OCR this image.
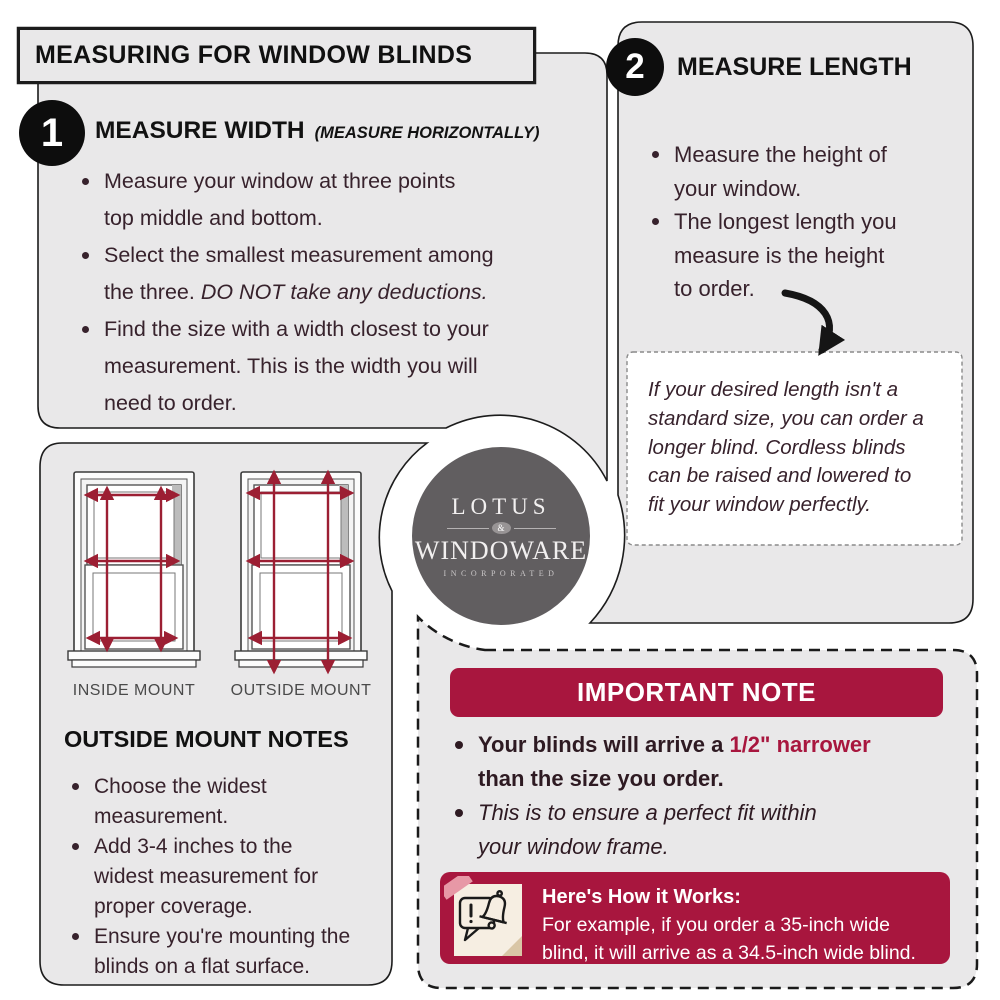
MEASURING FOR WINDOW BLINDS
1	MEASURE WIDTH (MEASURE HORIZONTALLY)
Measure your window at three points
top middle and bottom.
Select the smallest measurement among
the three. DO NOT take any deductions.
Find the size with a width closest to your
measurement. This is the width you will
need to order.
2	MEASURE LENGTH
Measure the height of
your window.
The longest length you
measure is the height
to order.
If your desired length isn't a
standard size, you can order a
longer blind. Cordless blinds
can be raised and lowered to
fit your window perfectly.
INSIDE MOUNT	OUTSIDE MOUNT
OUTSIDE MOUNT NOTES
Choose the widest
measurement.
Add 3-4 inches to the
widest measurement for
proper coverage.
Ensure you're mounting the
blinds on a flat surface.
LOTUS
&
WINDOWARE
INCORPORATED
IMPORTANT NOTE
Your blinds will arrive a 1/2" narrower
than the size you order.
This is to ensure a perfect fit within
your window frame.
Here's How it Works:
For example, if you order a 35-inch wide
blind, it will arrive as a 34.5-inch wide blind.
